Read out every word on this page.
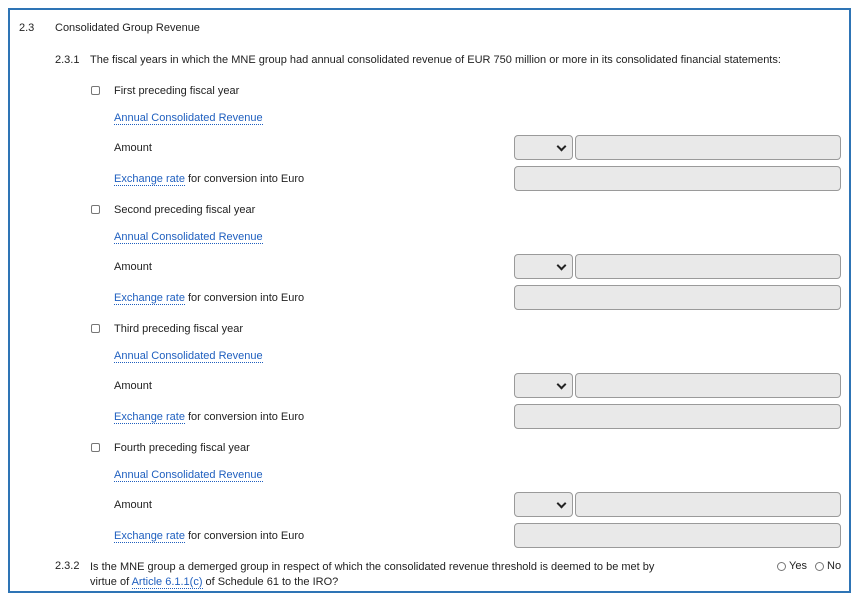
2.3 Consolidated Group Revenue
2.3.1 The fiscal years in which the MNE group had annual consolidated revenue of EUR 750 million or more in its consolidated financial statements:
First preceding fiscal year
Annual Consolidated Revenue
Amount
Exchange rate for conversion into Euro
Second preceding fiscal year
Annual Consolidated Revenue
Amount
Exchange rate for conversion into Euro
Third preceding fiscal year
Annual Consolidated Revenue
Amount
Exchange rate for conversion into Euro
Fourth preceding fiscal year
Annual Consolidated Revenue
Amount
Exchange rate for conversion into Euro
2.3.2 Is the MNE group a demerged group in respect of which the consolidated revenue threshold is deemed to be met by virtue of Article 6.1.1(c) of Schedule 61 to the IRO?
Yes No
